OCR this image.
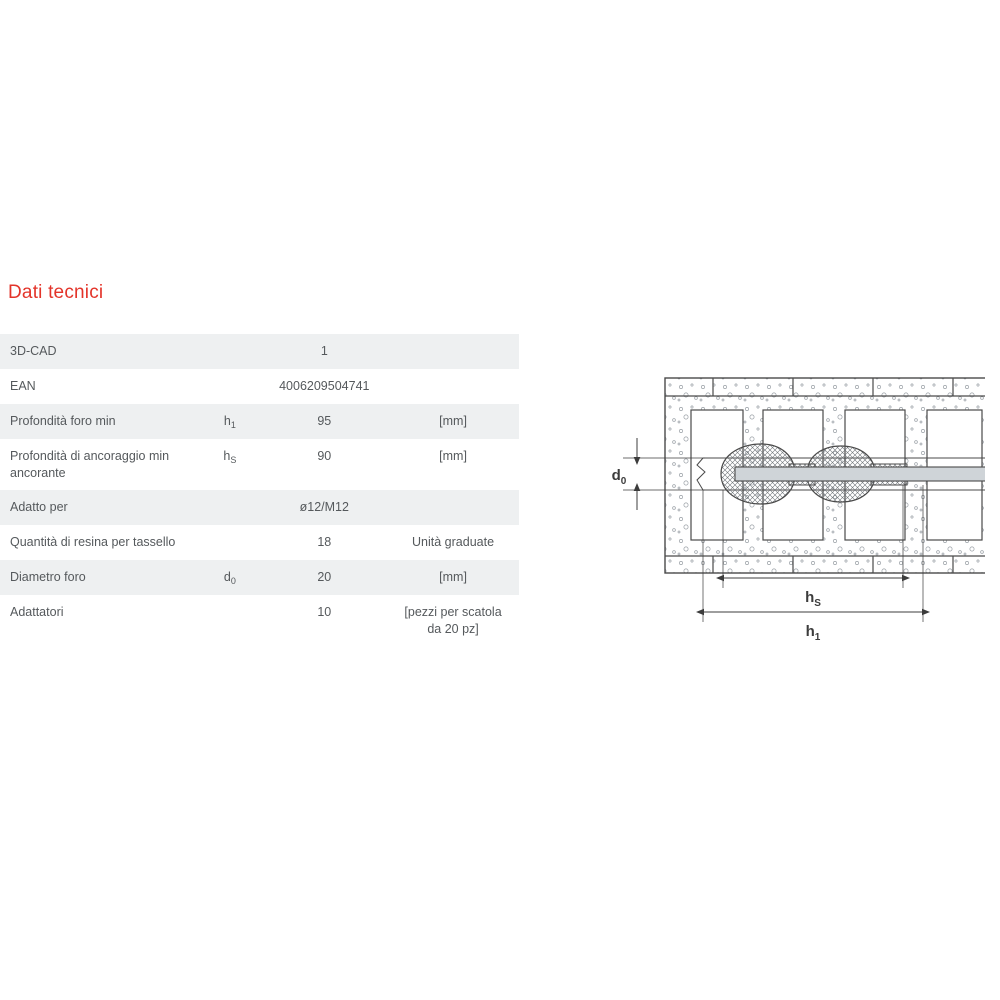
Dati tecnici
3D-CAD		1	

EAN		4006209504741	

Profondità foro min	$h_1$	95	[mm]

Profondità di ancoraggio min ancorante	$h_S$	90	[mm]

Adatto per		ø12/M12	

Quantità di resina per tassello		18	Unità graduate

Diametro foro	$d_0$	20	[mm]

Adattatori		10	[pezzi per scatola
da 20 pz]
$d_0$
$h_S$
$h_1$
